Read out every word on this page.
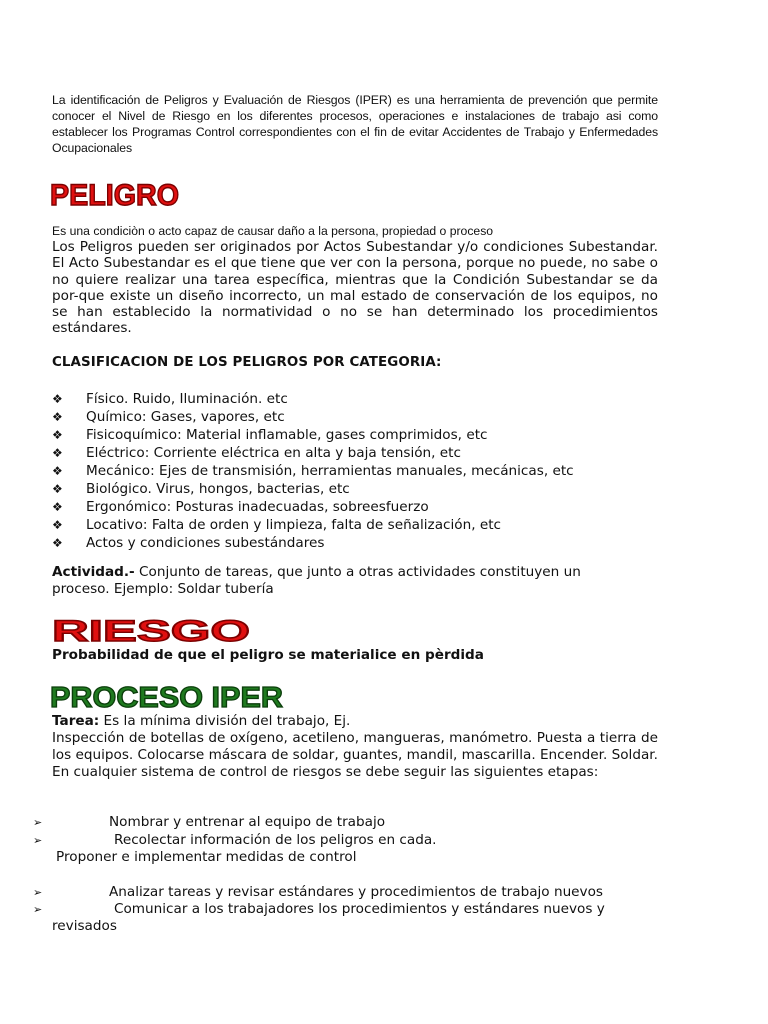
La identificación de Peligros y Evaluación de Riesgos (IPER) es una herramienta de prevención que permite conocer el Nivel de Riesgo en los diferentes procesos, operaciones e instalaciones de trabajo asi como establecer los Programas Control correspondientes con el fin de evitar Accidentes de Trabajo y Enfermedades Ocupacionales
PELIGRO
Es una condiciòn o acto capaz de causar daño a la persona, propiedad o proceso
Los Peligros pueden ser originados por Actos Subestandar y/o condiciones Subestandar. El Acto Subestandar es el que tiene que ver con la persona, porque no puede, no sabe o no quiere realizar una tarea específica, mientras que la Condición Subestandar se da por-que existe un diseño incorrecto, un mal estado de conservación de los equipos, no se han establecido la normatividad o no se han determinado los procedimientos estándares.
CLASIFICACION DE LOS PELIGROS POR CATEGORIA:
❖	Físico. Ruido, Iluminación. etc
❖	Químico: Gases, vapores, etc
❖	Fisicoquímico: Material inflamable, gases comprimidos, etc
❖	Eléctrico: Corriente eléctrica en alta y baja tensión, etc
❖	Mecánico: Ejes de transmisión, herramientas manuales, mecánicas, etc
❖	Biológico. Virus, hongos, bacterias, etc
❖	Ergonómico: Posturas inadecuadas, sobreesfuerzo
❖	Locativo: Falta de orden y limpieza, falta de señalización, etc
❖	Actos y condiciones subestándares
Actividad.- Conjunto de tareas, que junto a otras actividades constituyen un proceso. Ejemplo: Soldar tubería
RIESGO
Probabilidad de que el peligro se materialice en pèrdida
PROCESO IPER
Tarea: Es la mínima división del trabajo, Ej.
Inspección de botellas de oxígeno, acetileno, mangueras, manómetro. Puesta a tierra de los equipos. Colocarse máscara de soldar, guantes, mandil, mascarilla. Encender. Soldar.
En cualquier sistema de control de riesgos se debe seguir las siguientes etapas:
➢	Nombrar y entrenar al equipo de trabajo
➢	Recolectar información de los peligros en cada.
Proponer e implementar medidas de control
➢	Analizar tareas y revisar estándares y procedimientos de trabajo nuevos
➢	Comunicar a los trabajadores los procedimientos y estándares nuevos y
revisados
